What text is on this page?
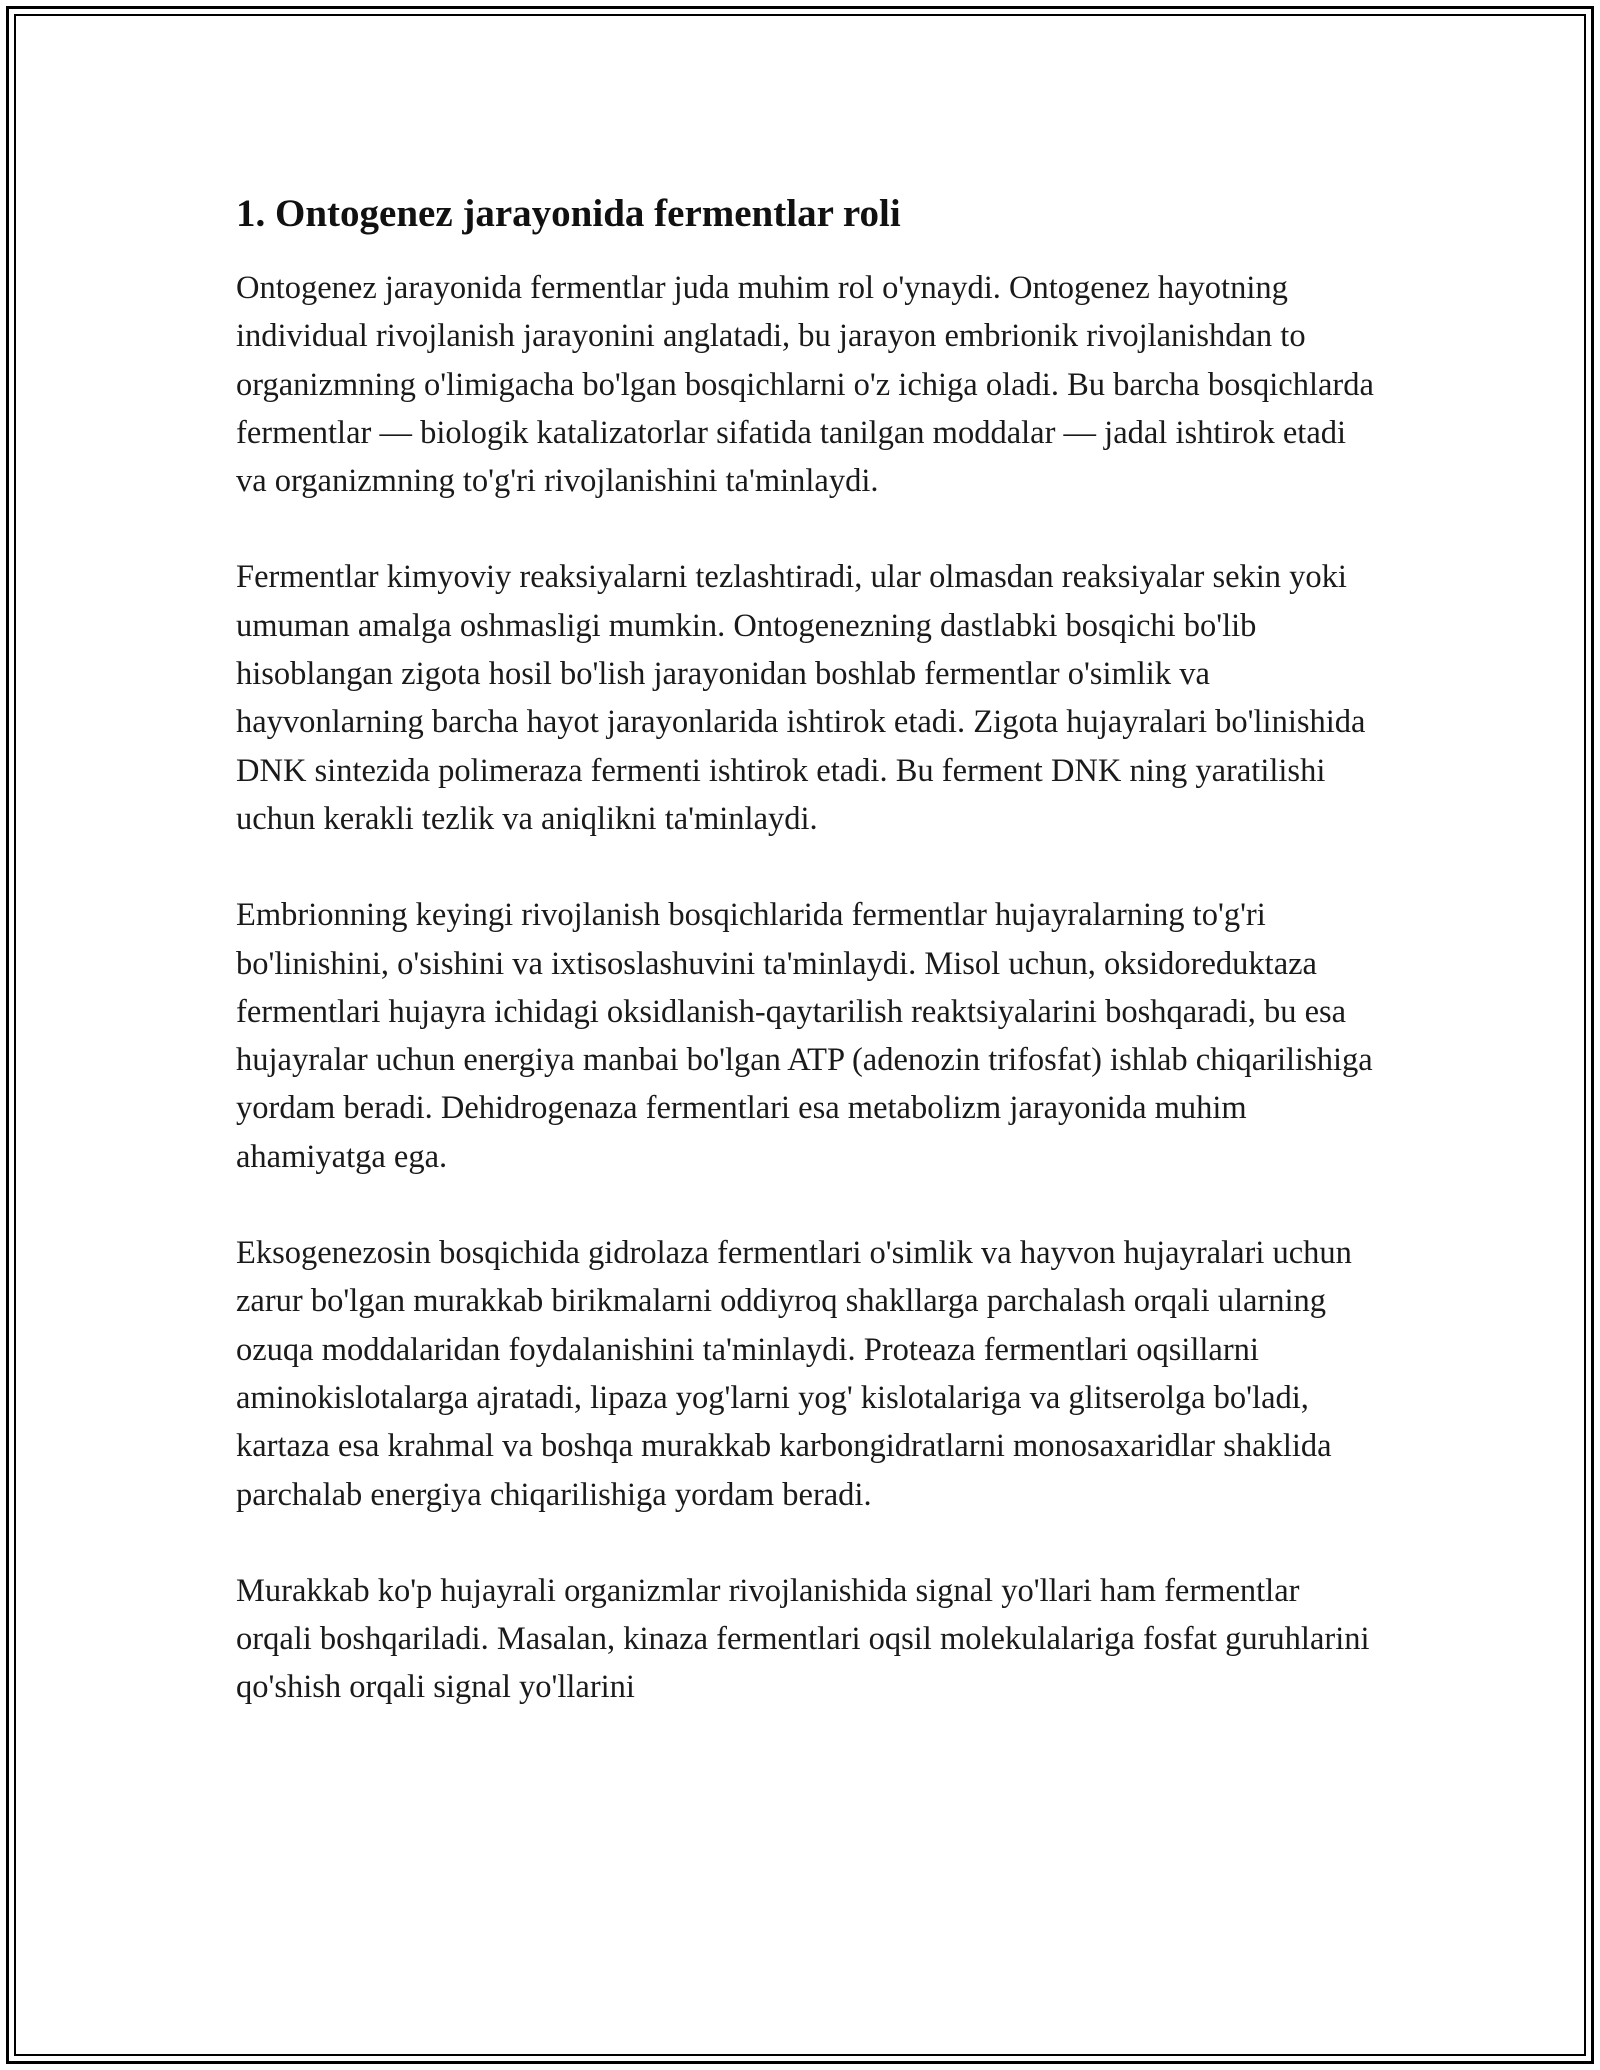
1. Ontogenez jarayonida fermentlar roli

Ontogenez jarayonida fermentlar juda muhim rol o'ynaydi. Ontogenez hayotning individual rivojlanish jarayonini anglatadi, bu jarayon embrionik rivojlanishdan to organizmning o'limigacha bo'lgan bosqichlarni o'z ichiga oladi. Bu barcha bosqichlarda fermentlar — biologik katalizatorlar sifatida tanilgan moddalar — jadal ishtirok etadi va organizmning to'g'ri rivojlanishini ta'minlaydi.

Fermentlar kimyoviy reaksiyalarni tezlashtiradi, ular olmasdan reaksiyalar sekin yoki umuman amalga oshmasligi mumkin. Ontogenezning dastlabki bosqichi bo'lib hisoblangan zigota hosil bo'lish jarayonidan boshlab fermentlar o'simlik va hayvonlarning barcha hayot jarayonlarida ishtirok etadi. Zigota hujayralari bo'linishida DNK sintezida polimeraza fermenti ishtirok etadi. Bu ferment DNK ning yaratilishi uchun kerakli tezlik va aniqlikni ta'minlaydi.

Embrionning keyingi rivojlanish bosqichlarida fermentlar hujayralarning to'g'ri bo'linishini, o'sishini va ixtisoslashuvini ta'minlaydi. Misol uchun, oksidoreduktaza fermentlari hujayra ichidagi oksidlanish-qaytarilish reaktsiyalarini boshqaradi, bu esa hujayralar uchun energiya manbai bo'lgan ATP (adenozin trifosfat) ishlab chiqarilishiga yordam beradi. Dehidrogenaza fermentlari esa metabolizm jarayonida muhim ahamiyatga ega.

Eksogenezosin bosqichida gidrolaza fermentlari o'simlik va hayvon hujayralari uchun zarur bo'lgan murakkab birikmalarni oddiyroq shakllarga parchalash orqali ularning ozuqa moddalaridan foydalanishini ta'minlaydi. Proteaza fermentlari oqsillarni aminokislotalarga ajratadi, lipaza yog'larni yog' kislotalariga va glitserolga bo'ladi, kartaza esa krahmal va boshqa murakkab karbongidratlarni monosaxaridlar shaklida parchalab energiya chiqarilishiga yordam beradi.

Murakkab ko'p hujayrali organizmlar rivojlanishida signal yo'llari ham fermentlar orqali boshqariladi. Masalan, kinaza fermentlari oqsil molekulalariga fosfat guruhlarini qo'shish orqali signal yo'llarini
